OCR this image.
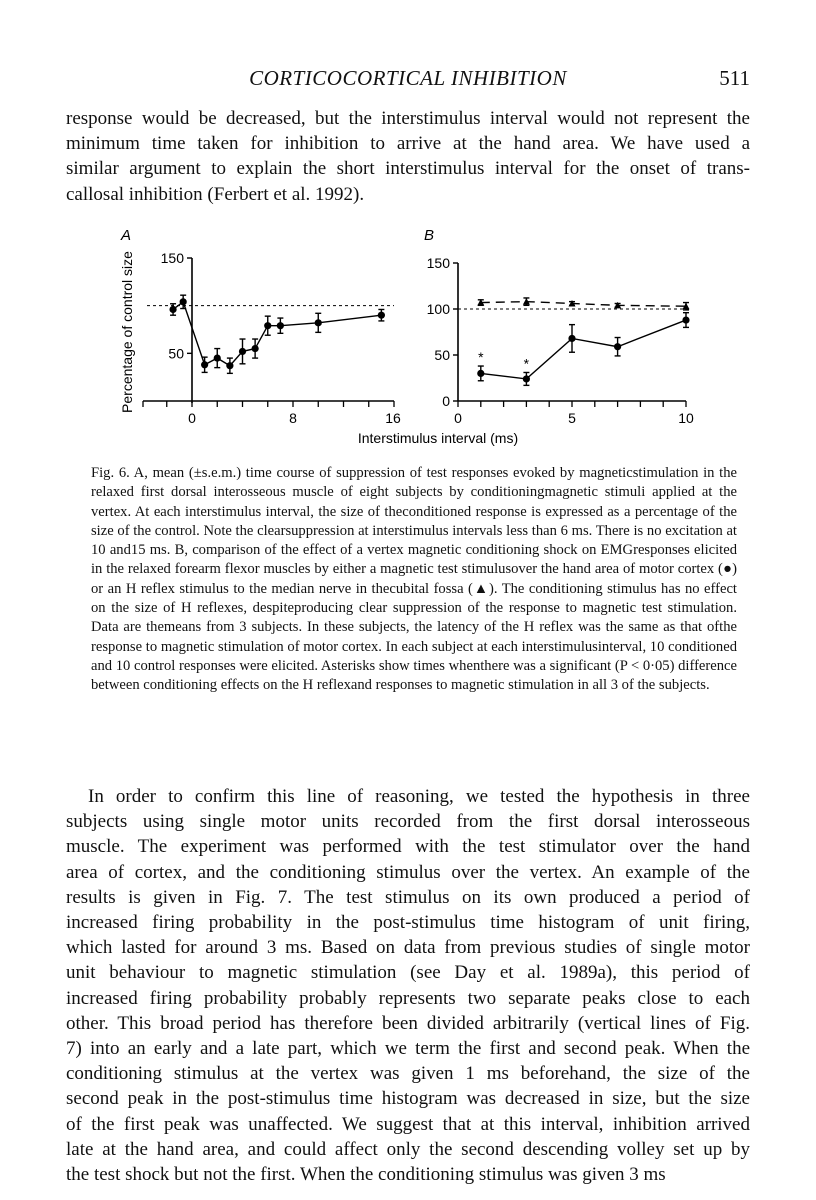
CORTICOCORTICAL INHIBITION	511

response would be decreased, but the interstimulus interval would not represent the
minimum time taken for inhibition to arrive at the hand area. We have used a
similar argument to explain the short interstimulus interval for the onset of trans-
callosal inhibition (Ferbert et al. 1992).

A	B
Interstimulus interval (ms)
Percentage of control size 50
150
0	8	16
0
50
100
150
0	5	10
*	*

Fig. 6. A, mean (±s.e.m.) time course of suppression of test responses evoked by magneticstimulation in the relaxed first dorsal interosseous muscle of eight subjects by conditioningmagnetic stimuli applied at the vertex. At each interstimulus interval, the size of theconditioned response is expressed as a percentage of the size of the control. Note the clearsuppression at interstimulus intervals less than 6 ms. There is no excitation at 10 and15 ms. B, comparison of the effect of a vertex magnetic conditioning shock on EMGresponses elicited in the relaxed forearm flexor muscles by either a magnetic test stimulusover the hand area of motor cortex (●) or an H reflex stimulus to the median nerve in thecubital fossa (▲). The conditioning stimulus has no effect on the size of H reflexes, despiteproducing clear suppression of the response to magnetic test stimulation. Data are themeans from 3 subjects. In these subjects, the latency of the H reflex was the same as that ofthe response to magnetic stimulation of motor cortex. In each subject at each interstimulusinterval, 10 conditioned and 10 control responses were elicited. Asterisks show times whenthere was a significant (P < 0·05) difference between conditioning effects on the H reflexand responses to magnetic stimulation in all 3 of the subjects.

In order to confirm this line of reasoning, we tested the hypothesis in three
subjects using single motor units recorded from the first dorsal interosseous
muscle. The experiment was performed with the test stimulator over the hand
area of cortex, and the conditioning stimulus over the vertex. An example of the
results is given in Fig. 7. The test stimulus on its own produced a period of
increased firing probability in the post-stimulus time histogram of unit firing,
which lasted for around 3 ms. Based on data from previous studies of single motor
unit behaviour to magnetic stimulation (see Day et al. 1989a), this period of
increased firing probability probably represents two separate peaks close to each
other. This broad period has therefore been divided arbitrarily (vertical lines of Fig.
7) into an early and a late part, which we term the first and second peak. When the
conditioning stimulus at the vertex was given 1 ms beforehand, the size of the
second peak in the post-stimulus time histogram was decreased in size, but the size
of the first peak was unaffected. We suggest that at this interval, inhibition arrived
late at the hand area, and could affect only the second descending volley set up by
the test shock but not the first. When the conditioning stimulus was given 3 ms
